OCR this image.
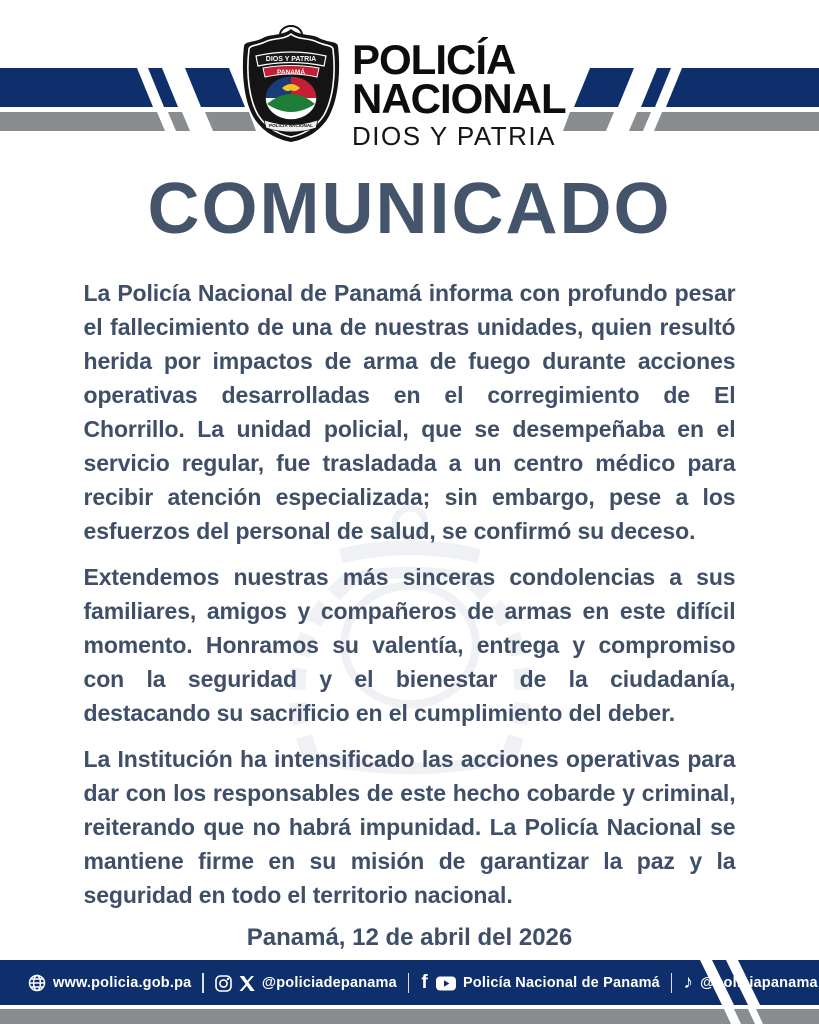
DIOS Y PATRIA
PANAMÁ
POLICÍA NACIONAL
POLICÍA
NACIONAL
DIOS Y PATRIA
COMUNICADO

La Policía Nacional de Panamá informa con profundo pesar el fallecimiento de una de nuestras unidades, quien resultó herida por impactos de arma de fuego durante acciones operativas desarrolladas en el corregimiento de El Chorrillo. La unidad policial, que se desempeñaba en el servicio regular, fue trasladada a un centro médico para recibir atención especializada; sin embargo, pese a los esfuerzos del personal de salud, se confirmó su deceso.

Extendemos nuestras más sinceras condolencias a sus familiares, amigos y compañeros de armas en este difícil momento. Honramos su valentía, entrega y compromiso con la seguridad y el bienestar de la ciudadanía, destacando su sacrificio en el cumplimiento del deber.

La Institución ha intensificado las acciones operativas para dar con los responsables de este hecho cobarde y criminal, reiterando que no habrá impunidad. La Policía Nacional se mantiene firme en su misión de garantizar la paz y la seguridad en todo el territorio nacional.

Panamá, 12 de abril del 2026
www.policia.gob.pa	@policiadepanama f Policía Nacional de Panamá ♪ @policiapanama
